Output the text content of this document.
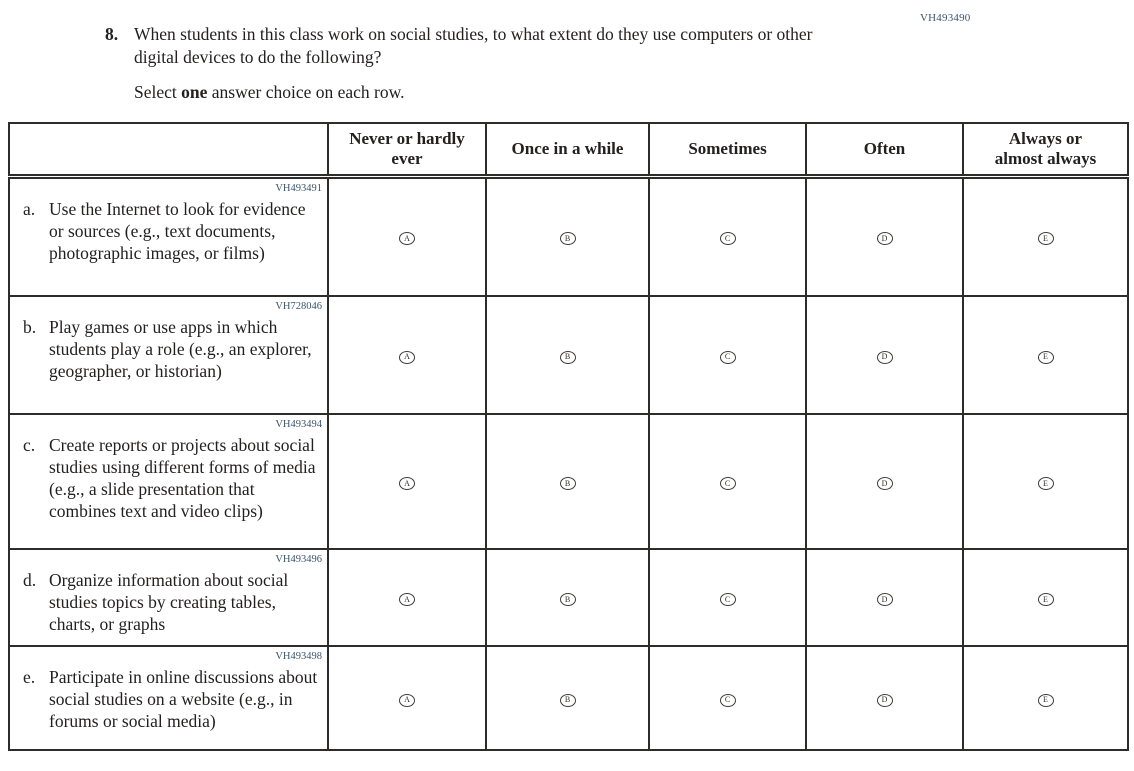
VH493490
8. When students in this class work on social studies, to what extent do they use computers or other digital devices to do the following?
Select one answer choice on each row.

	Never or hardly
ever	Once in a while	Sometimes	Often	Always or
almost always

VH493491
a. Use the Internet to look for evidence or sources (e.g., text documents, photographic images, or films)	A	B	C	D	E

VH728046
b. Play games or use apps in which students play a role (e.g., an explorer, geographer, or historian)	A	B	C	D	E

VH493494
c. Create reports or projects about social studies using different forms of media (e.g., a slide presentation that combines text and video clips)	A	B	C	D	E

VH493496
d. Organize information about social studies topics by creating tables, charts, or graphs	A	B	C	D	E

VH493498
e. Participate in online discussions about social studies on a website (e.g., in forums or social media)	A	B	C	D	E
